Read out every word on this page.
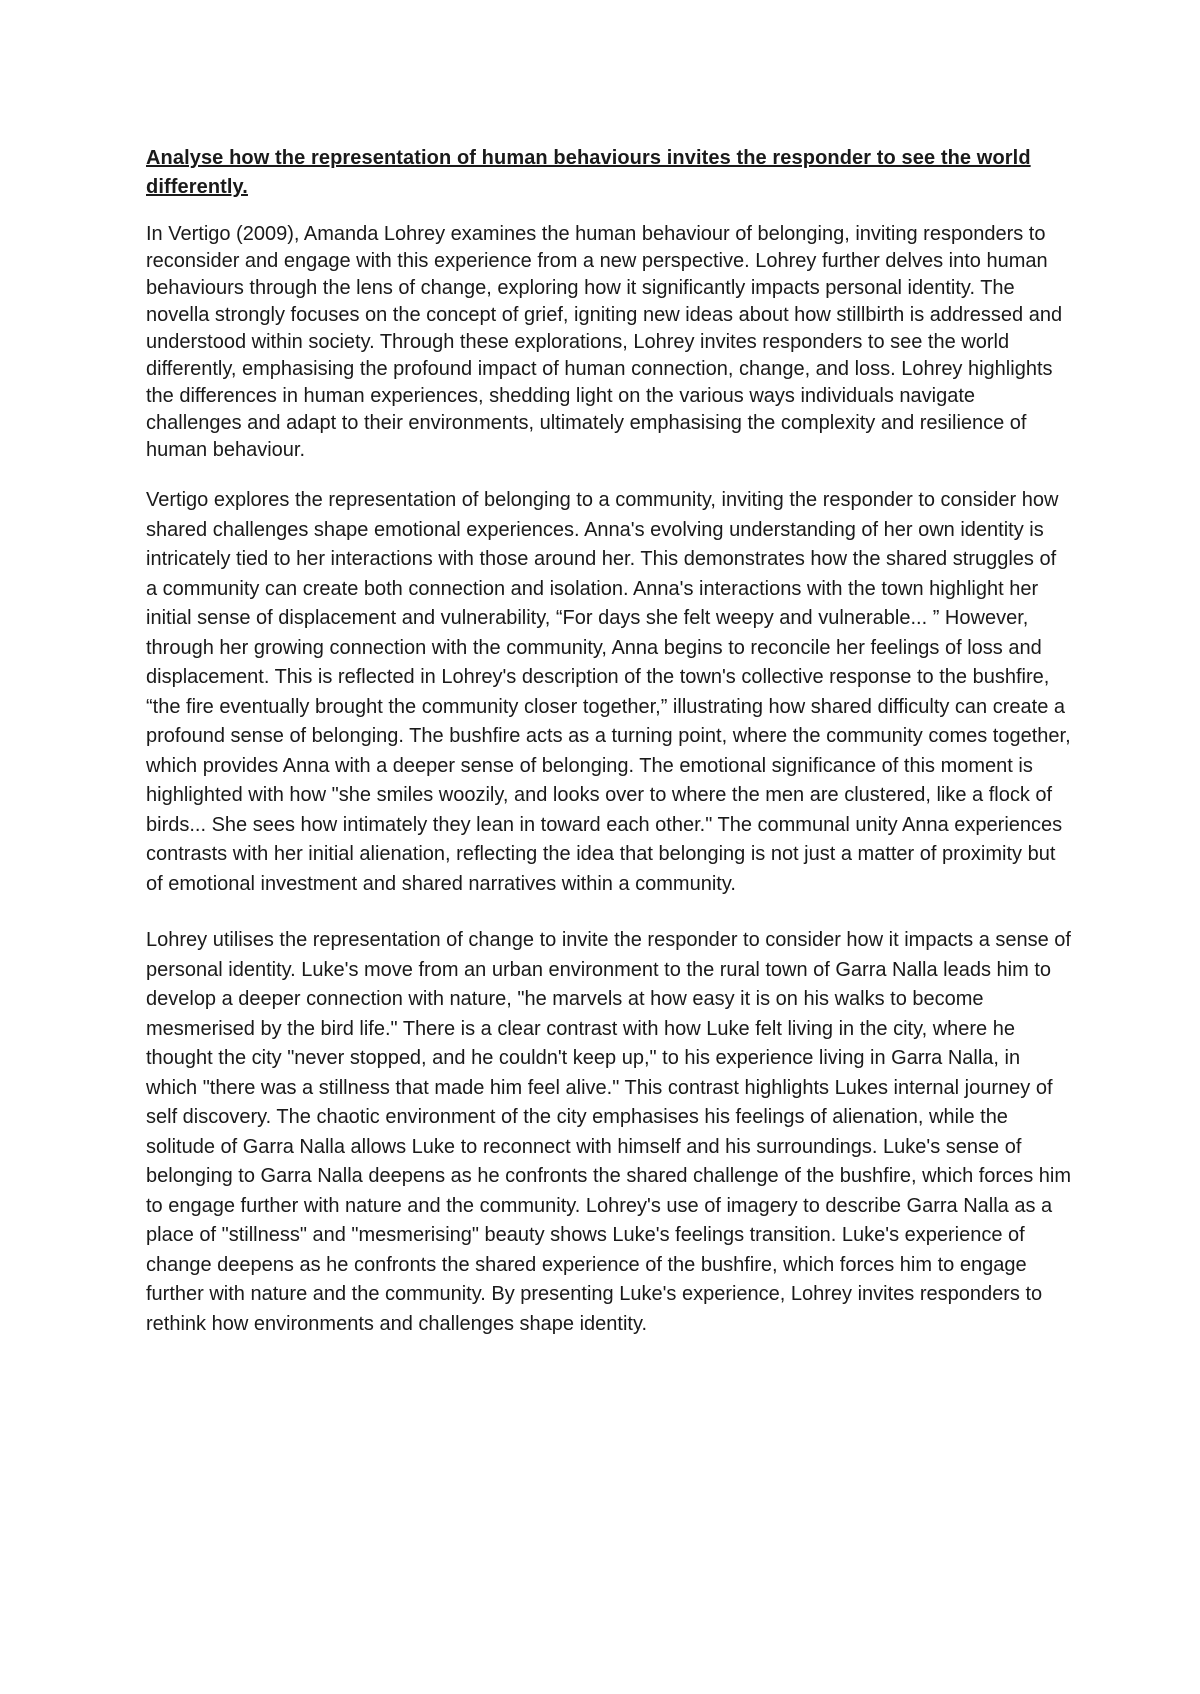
Analyse how the representation of human behaviours invites the responder to see the world differently.

In Vertigo (2009), Amanda Lohrey examines the human behaviour of belonging, inviting responders to reconsider and engage with this experience from a new perspective. Lohrey further delves into human behaviours through the lens of change, exploring how it significantly impacts personal identity. The novella strongly focuses on the concept of grief, igniting new ideas about how stillbirth is addressed and understood within society. Through these explorations, Lohrey invites responders to see the world differently, emphasising the profound impact of human connection, change, and loss. Lohrey highlights the differences in human experiences, shedding light on the various ways individuals navigate challenges and adapt to their environments, ultimately emphasising the complexity and resilience of human behaviour.

Vertigo explores the representation of belonging to a community, inviting the responder to consider how shared challenges shape emotional experiences. Anna's evolving understanding of her own identity is intricately tied to her interactions with those around her. This demonstrates how the shared struggles of a community can create both connection and isolation. Anna's interactions with the town highlight her initial sense of displacement and vulnerability, “For days she felt weepy and vulnerable... ” However, through her growing connection with the community, Anna begins to reconcile her feelings of loss and displacement. This is reflected in Lohrey's description of the town's collective response to the bushfire, “the fire eventually brought the community closer together,” illustrating how shared difficulty can create a profound sense of belonging. The bushfire acts as a turning point, where the community comes together, which provides Anna with a deeper sense of belonging. The emotional significance of this moment is highlighted with how "she smiles woozily, and looks over to where the men are clustered, like a flock of birds... She sees how intimately they lean in toward each other." The communal unity Anna experiences contrasts with her initial alienation, reflecting the idea that belonging is not just a matter of proximity but of emotional investment and shared narratives within a community.

Lohrey utilises the representation of change to invite the responder to consider how it impacts a sense of personal identity. Luke's move from an urban environment to the rural town of Garra Nalla leads him to develop a deeper connection with nature, "he marvels at how easy it is on his walks to become mesmerised by the bird life." There is a clear contrast with how Luke felt living in the city, where he thought the city "never stopped, and he couldn't keep up," to his experience living in Garra Nalla, in which "there was a stillness that made him feel alive." This contrast highlights Lukes internal journey of self discovery. The chaotic environment of the city emphasises his feelings of alienation, while the solitude of Garra Nalla allows Luke to reconnect with himself and his surroundings. Luke's sense of belonging to Garra Nalla deepens as he confronts the shared challenge of the bushfire, which forces him to engage further with nature and the community. Lohrey's use of imagery to describe Garra Nalla as a place of "stillness" and "mesmerising" beauty shows Luke's feelings transition. Luke's experience of change deepens as he confronts the shared experience of the bushfire, which forces him to engage further with nature and the community. By presenting Luke's experience, Lohrey invites responders to rethink how environments and challenges shape identity.
